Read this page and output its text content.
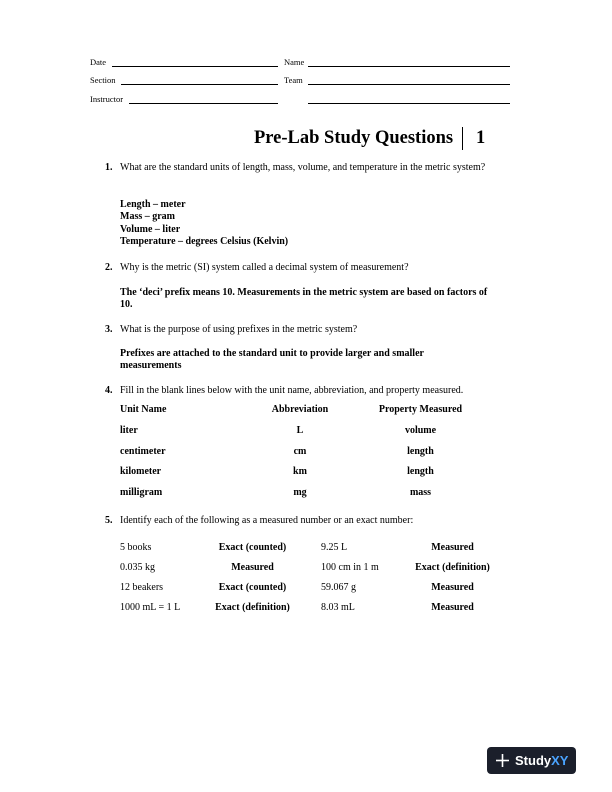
Date	Name
Section	Team
Instructor
Pre-Lab Study Questions 1
1. What are the standard units of length, mass, volume, and temperature in the metric system?
Length – meter
Mass – gram
Volume – liter
Temperature – degrees Celsius (Kelvin)
2. Why is the metric (SI) system called a decimal system of measurement?
The ‘deci’ prefix means 10. Measurements in the metric system are based on factors of 10.
3. What is the purpose of using prefixes in the metric system?
Prefixes are attached to the standard unit to provide larger and smaller measurements
4. Fill in the blank lines below with the unit name, abbreviation, and property measured.
Unit Name	Abbreviation	Property Measured
liter	L	volume
centimeter	cm	length
kilometer	km	length
milligram	mg	mass
5. Identify each of the following as a measured number or an exact number:
5 books	Exact (counted)	9.25 L	Measured
0.035 kg	Measured	100 cm in 1 m	Exact (definition)
12 beakers	Exact (counted)	59.067 g	Measured
1000 mL = 1 L	Exact (definition)	8.03 mL	Measured
StudyXY
